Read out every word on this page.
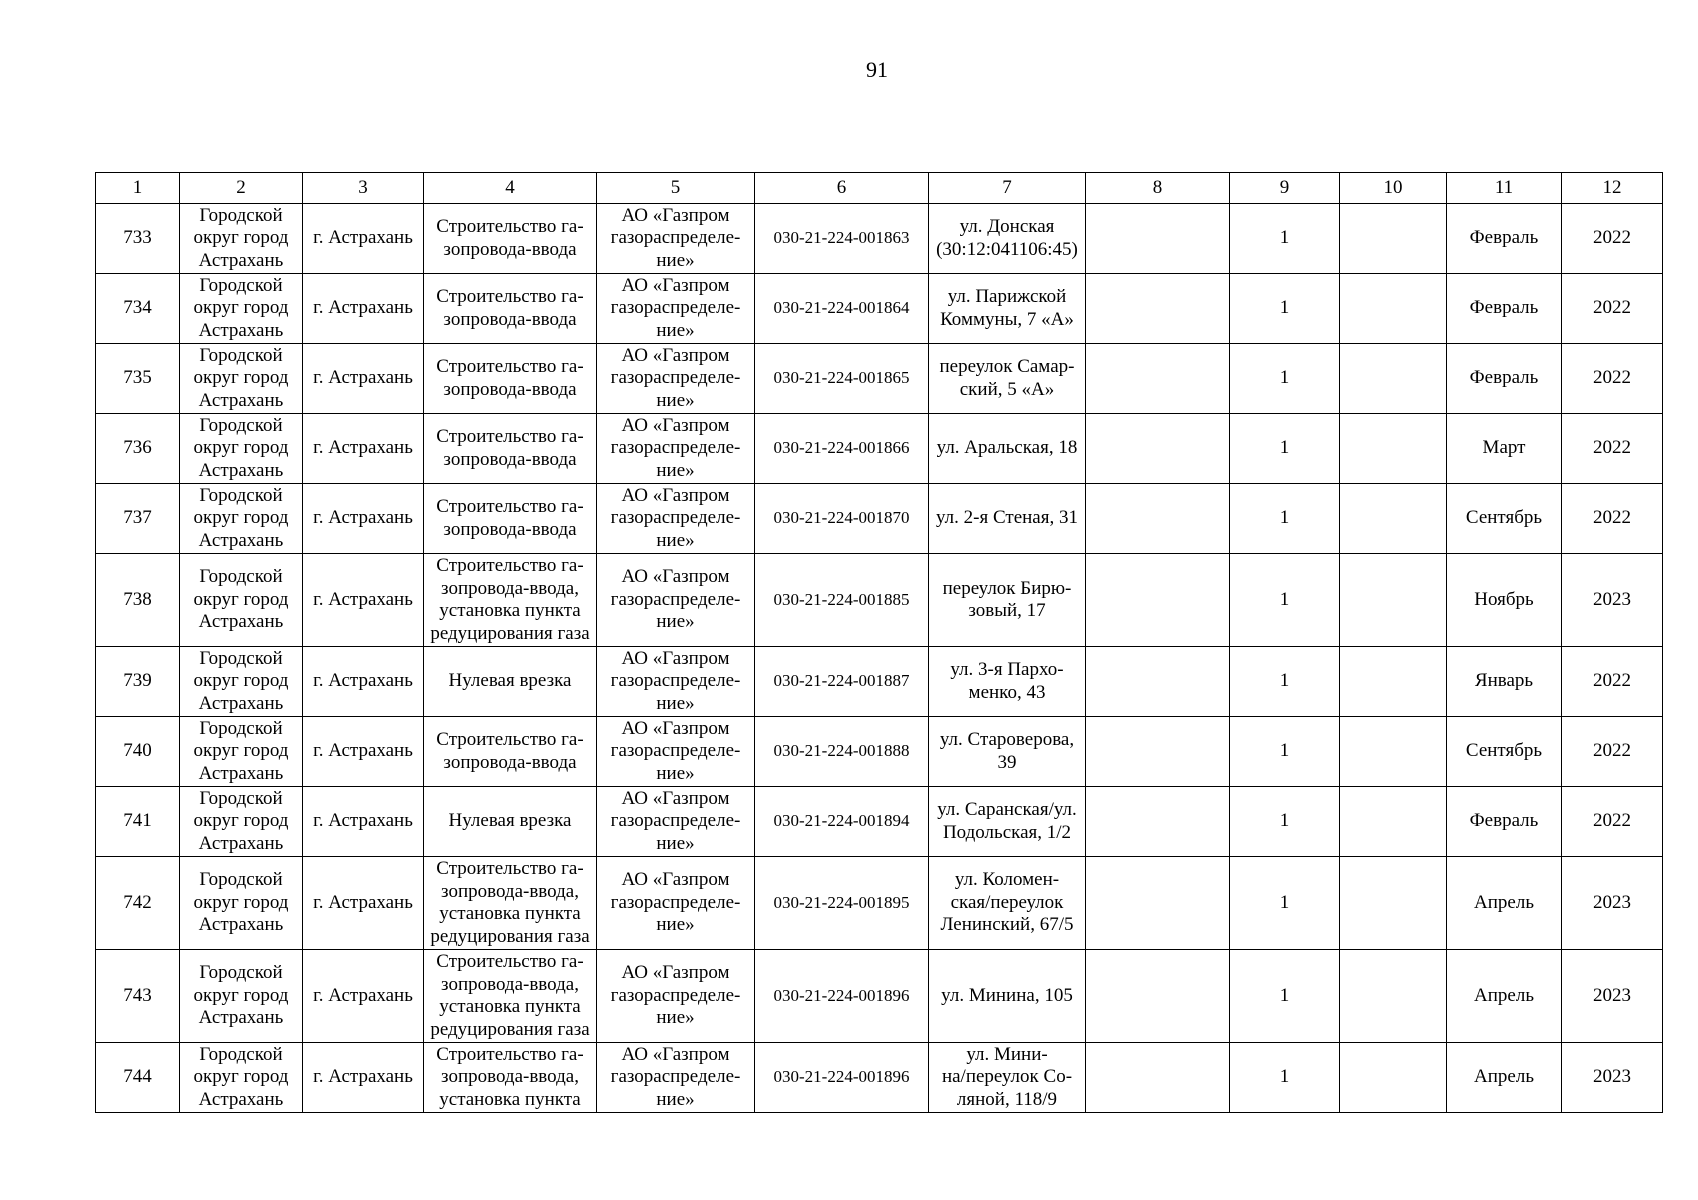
91
1	2	3	4	5	6	7	8	9	10	11	12
733	Городской
округ город
Астрахань	г. Астрахань	Строительство га-
зопровода-ввода	АО «Газпром
газораспределе-
ние»	030-21-224-001863	ул. Донская
(30:12:041106:45)		1		Февраль	2022
734	Городской
округ город
Астрахань	г. Астрахань	Строительство га-
зопровода-ввода	АО «Газпром
газораспределе-
ние»	030-21-224-001864	ул. Парижской
Коммуны, 7 «А»		1		Февраль	2022
735	Городской
округ город
Астрахань	г. Астрахань	Строительство га-
зопровода-ввода	АО «Газпром
газораспределе-
ние»	030-21-224-001865	переулок Самар-
ский, 5 «А»		1		Февраль	2022
736	Городской
округ город
Астрахань	г. Астрахань	Строительство га-
зопровода-ввода	АО «Газпром
газораспределе-
ние»	030-21-224-001866	ул. Аральская, 18		1		Март	2022
737	Городской
округ город
Астрахань	г. Астрахань	Строительство га-
зопровода-ввода	АО «Газпром
газораспределе-
ние»	030-21-224-001870	ул. 2-я Стеная, 31		1		Сентябрь	2022
738	Городской
округ город
Астрахань	г. Астрахань	Строительство га-
зопровода-ввода,
установка пункта
редуцирования газа	АО «Газпром
газораспределе-
ние»	030-21-224-001885	переулок Бирю-
зовый, 17		1		Ноябрь	2023
739	Городской
округ город
Астрахань	г. Астрахань	Нулевая врезка	АО «Газпром
газораспределе-
ние»	030-21-224-001887	ул. 3-я Пархо-
менко, 43		1		Январь	2022
740	Городской
округ город
Астрахань	г. Астрахань	Строительство га-
зопровода-ввода	АО «Газпром
газораспределе-
ние»	030-21-224-001888	ул. Староверова,
39		1		Сентябрь	2022
741	Городской
округ город
Астрахань	г. Астрахань	Нулевая врезка	АО «Газпром
газораспределе-
ние»	030-21-224-001894	ул. Саранская/ул.
Подольская, 1/2		1		Февраль	2022
742	Городской
округ город
Астрахань	г. Астрахань	Строительство га-
зопровода-ввода,
установка пункта
редуцирования газа	АО «Газпром
газораспределе-
ние»	030-21-224-001895	ул. Коломен-
ская/переулок
Ленинский, 67/5		1		Апрель	2023
743	Городской
округ город
Астрахань	г. Астрахань	Строительство га-
зопровода-ввода,
установка пункта
редуцирования газа	АО «Газпром
газораспределе-
ние»	030-21-224-001896	ул. Минина, 105		1		Апрель	2023
744	Городской
округ город
Астрахань	г. Астрахань	Строительство га-
зопровода-ввода,
установка пункта	АО «Газпром
газораспределе-
ние»	030-21-224-001896	ул. Мини-
на/переулок Со-
ляной, 118/9		1		Апрель	2023
